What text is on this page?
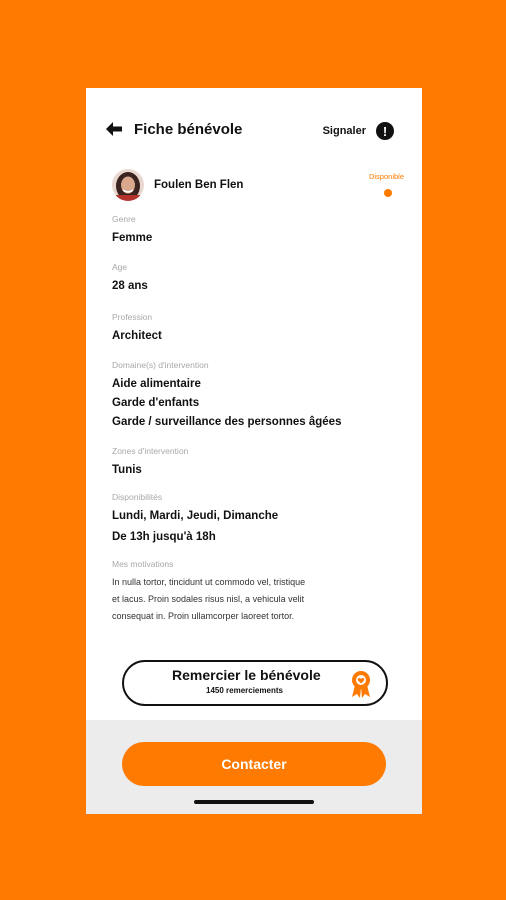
Fiche bénévole	Signaler	!
Foulen Ben Flen
Disponible
Genre
Femme
Age
28 ans
Profession
Architect
Domaine(s) d'intervention
Aide alimentaire
Garde d'enfants
Garde / surveillance des personnes âgées
Zones d'intervention
Tunis
Disponibilités
Lundi, Mardi, Jeudi, Dimanche
De 13h jusqu'à 18h
Mes motivations
In nulla tortor, tincidunt ut commodo vel, tristique
et lacus. Proin sodales risus nisl, a vehicula velit
consequat in. Proin ullamcorper laoreet tortor.
Remercier le bénévole
1450 remerciements
Contacter
